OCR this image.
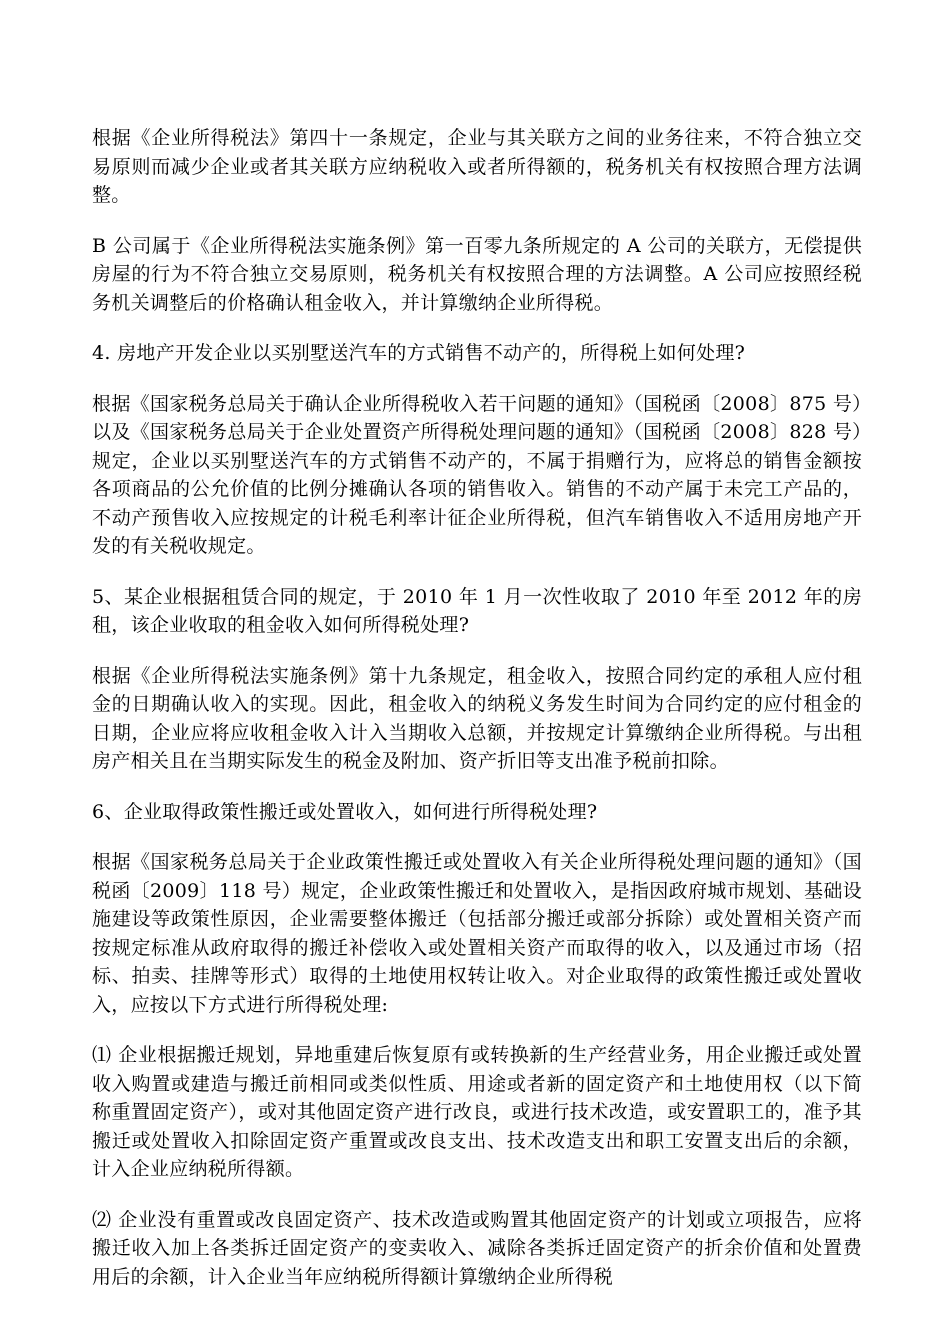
根据《企业所得税法》第四十一条规定，企业与其关联方之间的业务往来，不符合独立交易原则而减少企业或者其关联方应纳税收入或者所得额的，税务机关有权按照合理方法调整。

B 公司属于《企业所得税法实施条例》第一百零九条所规定的 A 公司的关联方，无偿提供房屋的行为不符合独立交易原则，税务机关有权按照合理的方法调整。A 公司应按照经税务机关调整后的价格确认租金收入，并计算缴纳企业所得税。

4. 房地产开发企业以买别墅送汽车的方式销售不动产的，所得税上如何处理?

根据《国家税务总局关于确认企业所得税收入若干问题的通知》（国税函〔2008〕875 号）以及《国家税务总局关于企业处置资产所得税处理问题的通知》（国税函〔2008〕828 号）规定，企业以买别墅送汽车的方式销售不动产的，不属于捐赠行为，应将总的销售金额按各项商品的公允价值的比例分摊确认各项的销售收入。销售的不动产属于未完工产品的，不动产预售收入应按规定的计税毛利率计征企业所得税，但汽车销售收入不适用房地产开发的有关税收规定。

5、某企业根据租赁合同的规定，于 2010 年 1 月一次性收取了 2010 年至 2012 年的房租，该企业收取的租金收入如何所得税处理?

根据《企业所得税法实施条例》第十九条规定，租金收入，按照合同约定的承租人应付租金的日期确认收入的实现。因此，租金收入的纳税义务发生时间为合同约定的应付租金的日期，企业应将应收租金收入计入当期收入总额，并按规定计算缴纳企业所得税。与出租房产相关且在当期实际发生的税金及附加、资产折旧等支出准予税前扣除。

6、企业取得政策性搬迁或处置收入，如何进行所得税处理?

根据《国家税务总局关于企业政策性搬迁或处置收入有关企业所得税处理问题的通知》（国税函〔2009〕118 号）规定，企业政策性搬迁和处置收入，是指因政府城市规划、基础设施建设等政策性原因，企业需要整体搬迁（包括部分搬迁或部分拆除）或处置相关资产而按规定标准从政府取得的搬迁补偿收入或处置相关资产而取得的收入，以及通过市场（招标、拍卖、挂牌等形式）取得的土地使用权转让收入。对企业取得的政策性搬迁或处置收入，应按以下方式进行所得税处理:

⑴ 企业根据搬迁规划，异地重建后恢复原有或转换新的生产经营业务，用企业搬迁或处置收入购置或建造与搬迁前相同或类似性质、用途或者新的固定资产和土地使用权（以下简称重置固定资产），或对其他固定资产进行改良，或进行技术改造，或安置职工的，准予其搬迁或处置收入扣除固定资产重置或改良支出、技术改造支出和职工安置支出后的余额，计入企业应纳税所得额。

⑵ 企业没有重置或改良固定资产、技术改造或购置其他固定资产的计划或立项报告，应将搬迁收入加上各类拆迁固定资产的变卖收入、减除各类拆迁固定资产的折余价值和处置费用后的余额，计入企业当年应纳税所得额计算缴纳企业所得税
